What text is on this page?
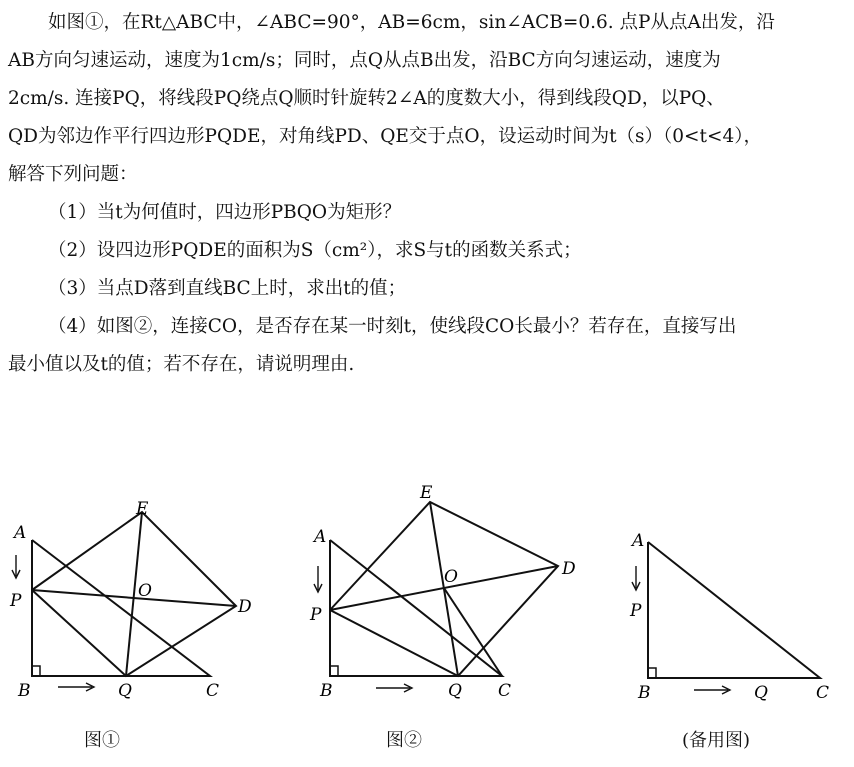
如图①，在Rt△ABC中，∠ABC=90°，AB=6cm，sin∠ACB=0.6. 点P从点A出发，沿
AB方向匀速运动，速度为1cm/s；同时，点Q从点B出发，沿BC方向匀速运动，速度为
2cm/s. 连接PQ，将线段PQ绕点Q顺时针旋转2∠A的度数大小，得到线段QD，以PQ、
QD为邻边作平行四边形PQDE，对角线PD、QE交于点O，设运动时间为t（s）（0<t<4），
解答下列问题：
（1）当t为何值时，四边形PBQO为矩形？
（2）设四边形PQDE的面积为S（cm²），求S与t的函数关系式；
（3）当点D落到直线BC上时，求出t的值；
（4）如图②，连接CO，是否存在某一时刻t，使线段CO长最小？若存在，直接写出
最小值以及t的值；若不存在，请说明理由.
A
P
B	Q	C
E
O
D
图①
A
P
B	Q C
E
O	D
图②
A
P
B	Q	C
(备用图)
